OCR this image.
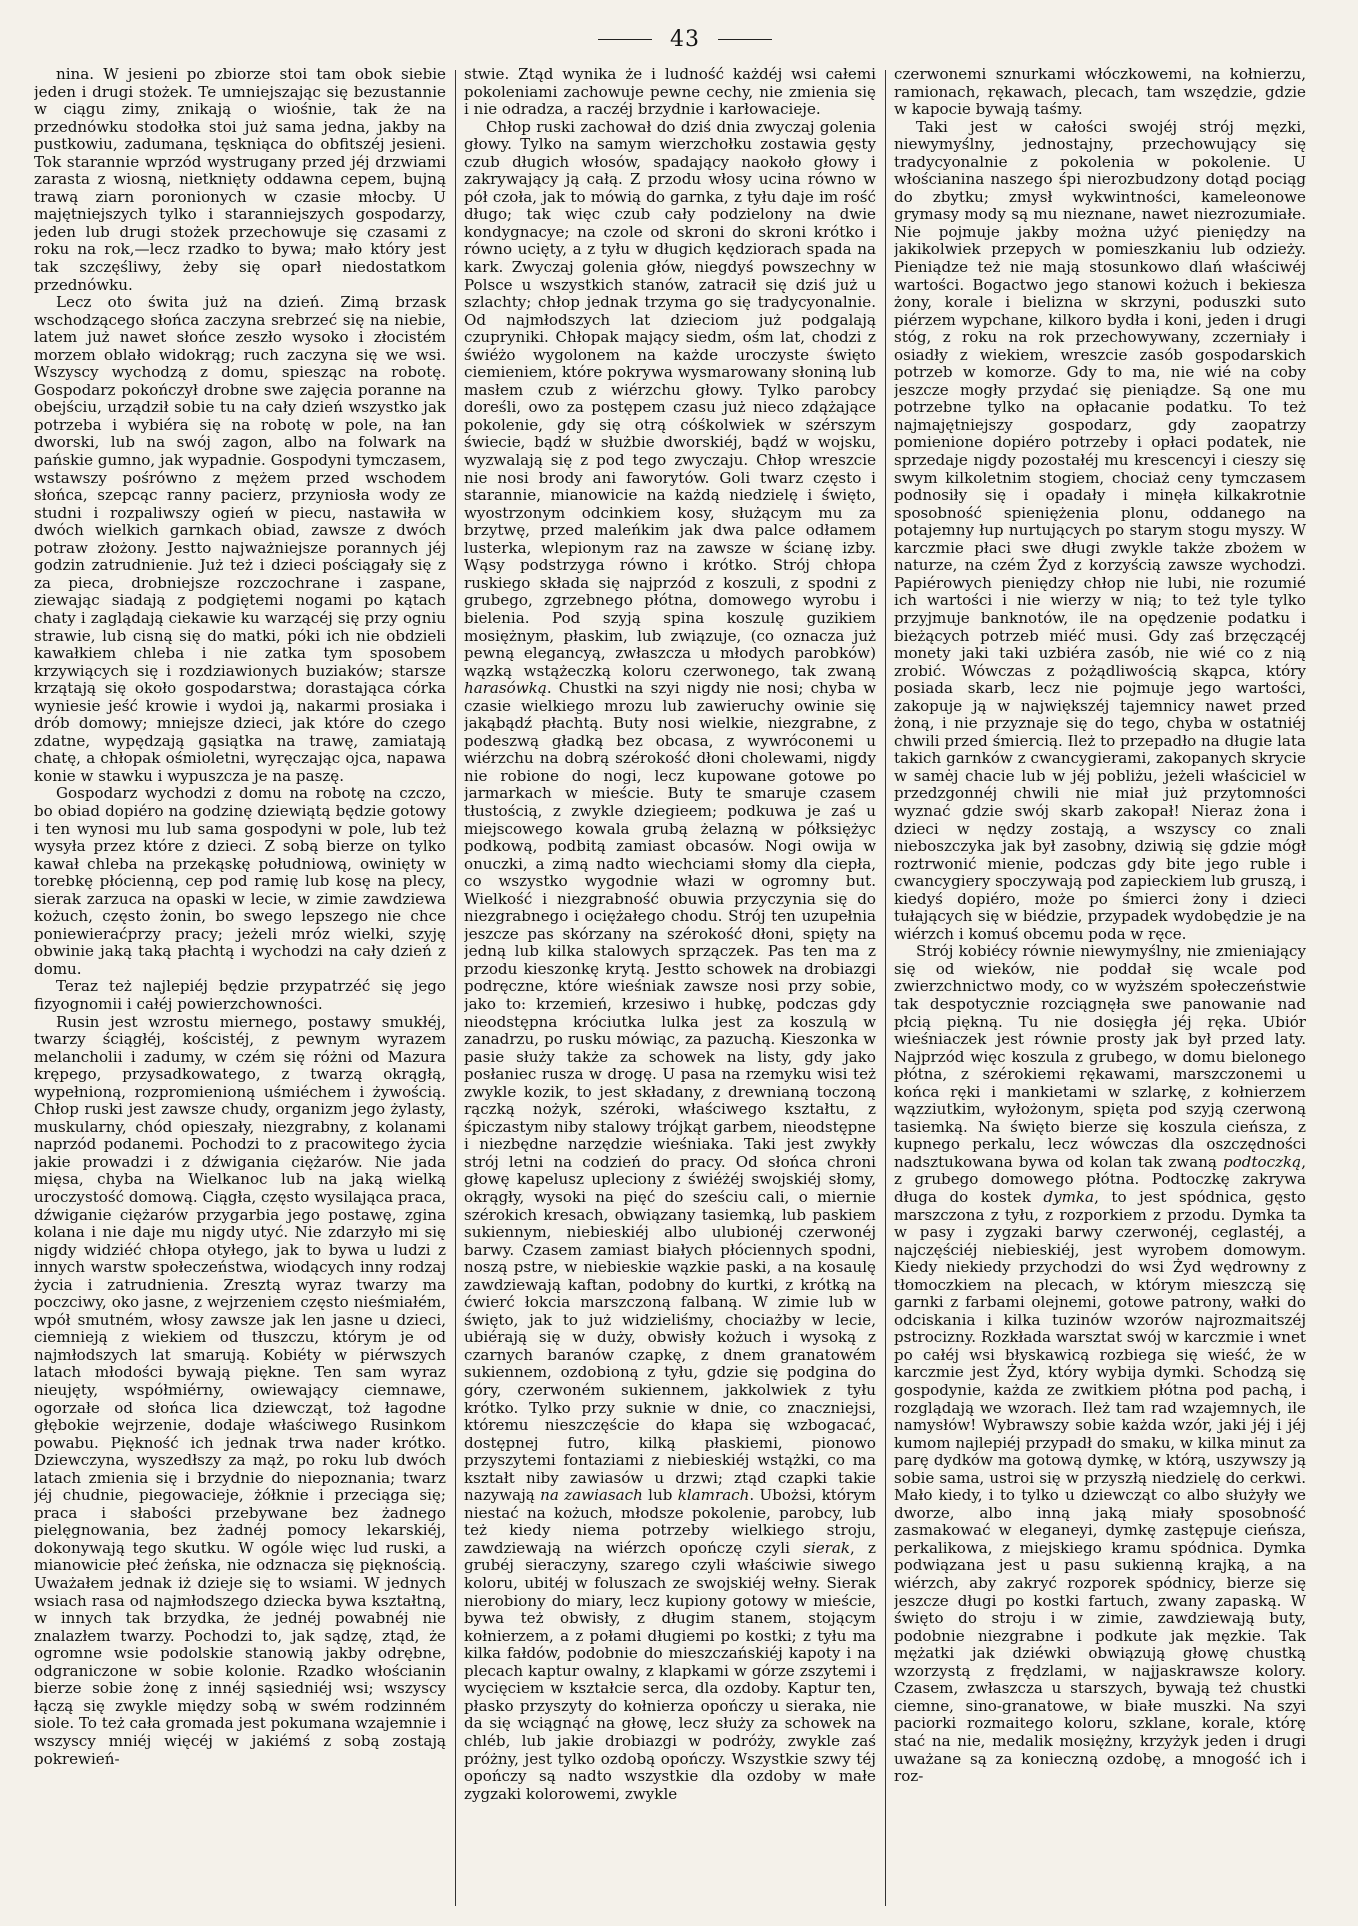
43

nina. W jesieni po zbiorze stoi tam obok siebie jeden i drugi stożek. Te umniejszając się bezustannie w ciągu zimy, znikają o wiośnie, tak że na przednówku stodołka stoi już sama jedna, jakby na pustkowiu, zadumana, tęskniąca do obfitszéj jesieni. Tok starannie wprzód wystrugany przed jéj drzwiami zarasta z wiosną, nietknięty oddawna cepem, bujną trawą ziarn poronionych w czasie młocby. U majętniejszych tylko i staranniejszych gospodarzy, jeden lub drugi stożek przechowuje się czasami z roku na rok,—lecz rzadko to bywa; mało który jest tak szczęśliwy, żeby się oparł niedostatkom przednówku.

Lecz oto świta już na dzień. Zimą brzask wschodzącego słońca zaczyna srebrzeć się na niebie, latem już nawet słońce zeszło wysoko i złocistém morzem oblało widokrąg; ruch zaczyna się we wsi. Wszyscy wychodzą z domu, spiesząc na robotę. Gospodarz pokończył drobne swe zajęcia poranne na obejściu, urządził sobie tu na cały dzień wszystko jak potrzeba i wybiéra się na robotę w pole, na łan dworski, lub na swój zagon, albo na folwark na pańskie gumno, jak wypadnie. Gospodyni tymczasem, wstawszy pośrówno z mężem przed wschodem słońca, szepcąc ranny pacierz, przyniosła wody ze studni i rozpaliwszy ogień w piecu, nastawiła w dwóch wielkich garnkach obiad, zawsze z dwóch potraw złożony. Jestto najważniejsze porannych jéj godzin zatrudnienie. Już też i dzieci pościągały się z za pieca, drobniejsze rozczochrane i zaspane, ziewając siadają z podgiętemi nogami po kątach chaty i zaglądają ciekawie ku warzącéj się przy ogniu strawie, lub cisną się do matki, póki ich nie obdzieli kawałkiem chleba i nie zatka tym sposobem krzywiących się i rozdziawionych buziaków; starsze krzątają się około gospodarstwa; dorastająca córka wyniesie jeść krowie i wydoi ją, nakarmi prosiaka i drób domowy; mniejsze dzieci, jak które do czego zdatne, wypędzają gąsiątka na trawę, zamiatają chatę, a chłopak ośmioletni, wyręczając ojca, napawa konie w stawku i wypuszcza je na paszę.

Gospodarz wychodzi z domu na robotę na czczo, bo obiad dopiéro na godzinę dziewiątą będzie gotowy i ten wynosi mu lub sama gospodyni w pole, lub też wysyła przez które z dzieci. Z sobą bierze on tylko kawał chleba na przekąskę południową, owinięty w torebkę płócienną, cep pod ramię lub kosę na plecy, sierak zarzuca na opaski w lecie, w zimie zawdziewa kożuch, często żonin, bo swego lepszego nie chce poniewieraćprzy pracy; jeżeli mróz wielki, szyję obwinie jaką taką płachtą i wychodzi na cały dzień z domu.

Teraz też najlepiéj będzie przypatrzéć się jego fizyognomii i całéj powierzchowności.

Rusin jest wzrostu miernego, postawy smukłéj, twarzy ściągłéj, kościstéj, z pewnym wyrazem melancholii i zadumy, w czém się różni od Mazura krępego, przysadkowatego, z twarzą okrągłą, wypełnioną, rozpromienioną uśmiéchem i żywością. Chłop ruski jest zawsze chudy, organizm jego żylasty, muskularny, chód opieszały, niezgrabny, z kolanami naprzód podanemi. Pochodzi to z pracowitego życia jakie prowadzi i z dźwigania ciężarów. Nie jada mięsa, chyba na Wielkanoc lub na jaką wielką uroczystość domową. Ciągła, często wysilająca praca, dźwiganie ciężarów przygarbia jego postawę, zgina kolana i nie daje mu nigdy utyć. Nie zdarzyło mi się nigdy widziéć chłopa otyłego, jak to bywa u ludzi z innych warstw społeczeństwa, wiodących inny rodzaj życia i zatrudnienia. Zresztą wyraz twarzy ma poczciwy, oko jasne, z wejrzeniem często nieśmiałém, wpół smutném, włosy zawsze jak len jasne u dzieci, ciemnieją z wiekiem od tłuszczu, którym je od najmłodszych lat smarują. Kobiéty w piérwszych latach młodości bywają piękne. Ten sam wyraz nieujęty, współmiérny, owiewający ciemnawe, ogorzałe od słońca lica dziewcząt, toż łagodne głębokie wejrzenie, dodaje właściwego Rusinkom powabu. Piękność ich jednak trwa nader krótko. Dziewczyna, wyszedłszy za mąż, po roku lub dwóch latach zmienia się i brzydnie do niepoznania; twarz jéj chudnie, piegowacieje, żółknie i przeciąga się; praca i słabości przebywane bez żadnego pielęgnowania, bez żadnéj pomocy lekarskiéj, dokonywają tego skutku. W ogóle więc lud ruski, a mianowicie płeć żeńska, nie odznacza się pięknością. Uważałem jednak iż dzieje się to wsiami. W jednych wsiach rasa od najmłodszego dziecka bywa kształtną, w innych tak brzydka, że jednéj powabnéj nie znalazłem twarzy. Pochodzi to, jak sądzę, ztąd, że ogromne wsie podolskie stanowią jakby odrębne, odgraniczone w sobie kolonie. Rzadko włościanin bierze sobie żonę z innéj sąsiedniéj wsi; wszyscy łączą się zwykle między sobą w swém rodzinném siole. To też cała gromada jest pokumana wzajemnie i wszyscy mniéj więcéj w jakiémś z sobą zostają pokrewień-

stwie. Ztąd wynika że i ludność każdéj wsi całemi pokoleniami zachowuje pewne cechy, nie zmienia się i nie odradza, a raczéj brzydnie i karłowacieje.

Chłop ruski zachował do dziś dnia zwyczaj golenia głowy. Tylko na samym wierzchołku zostawia gęsty czub długich włosów, spadający naokoło głowy i zakrywający ją całą. Z przodu włosy ucina równo w pół czoła, jak to mówią do garnka, z tyłu daje im rość długo; tak więc czub cały podzielony na dwie kondygnacye; na czole od skroni do skroni krótko i równo ucięty, a z tyłu w długich kędziorach spada na kark. Zwyczaj golenia głów, niegdyś powszechny w Polsce u wszystkich stanów, zatracił się dziś już u szlachty; chłop jednak trzyma go się tradycyonalnie. Od najmłodszych lat dzieciom już podgalają czupryniki. Chłopak mający siedm, ośm lat, chodzi z świéżo wygolonem na każde uroczyste święto ciemieniem, które pokrywa wysmarowany słoniną lub masłem czub z wiérzchu głowy. Tylko parobcy doreśli, owo za postępem czasu już nieco zdążające pokolenie, gdy się otrą cóśkolwiek w szérszym świecie, bądź w służbie dworskiéj, bądź w wojsku, wyzwalają się z pod tego zwyczaju. Chłop wreszcie nie nosi brody ani faworytów. Goli twarz często i starannie, mianowicie na każdą niedzielę i święto, wyostrzonym odcinkiem kosy, służącym mu za brzytwę, przed maleńkim jak dwa palce odłamem lusterka, wlepionym raz na zawsze w ścianę izby. Wąsy podstrzyga równo i krótko. Strój chłopa ruskiego składa się najprzód z koszuli, z spodni z grubego, zgrzebnego płótna, domowego wyrobu i bielenia. Pod szyją spina koszulę guzikiem mosiężnym, płaskim, lub związuje, (co oznacza już pewną elegancyą, zwłaszcza u młodych parobków) wązką wstążeczką koloru czerwonego, tak zwaną harasówką. Chustki na szyi nigdy nie nosi; chyba w czasie wielkiego mrozu lub zawieruchy owinie się jakąbądź płachtą. Buty nosi wielkie, niezgrabne, z podeszwą gładką bez obcasa, z wywróconemi u wiérzchu na dobrą szérokość dłoni cholewami, nigdy nie robione do nogi, lecz kupowane gotowe po jarmarkach w mieście. Buty te smaruje czasem tłustością, z zwykle dziegieem; podkuwa je zaś u miejscowego kowala grubą żelazną w półksiężyc podkową, podbitą zamiast obcasów. Nogi owija w onuczki, a zimą nadto wiechciami słomy dla ciepła, co wszystko wygodnie włazi w ogromny but. Wielkość i niezgrabność obuwia przyczynia się do niezgrabnego i ociężałego chodu. Strój ten uzupełnia jeszcze pas skórzany na szérokość dłoni, spięty na jedną lub kilka stalowych sprzączek. Pas ten ma z przodu kieszonkę krytą. Jestto schowek na drobiazgi podręczne, które wieśniak zawsze nosi przy sobie, jako to: krzemień, krzesiwo i hubkę, podczas gdy nieodstępna króciutka lulka jest za koszulą w zanadrzu, po rusku mówiąc, za pazuchą. Kieszonka w pasie służy także za schowek na listy, gdy jako posłaniec rusza w drogę. U pasa na rzemyku wisi też zwykle kozik, to jest składany, z drewnianą toczoną rączką nożyk, széroki, właściwego kształtu, z śpiczastym niby stalowy trójkąt garbem, nieodstępne i niezbędne narzędzie wieśniaka. Taki jest zwykły strój letni na codzień do pracy. Od słońca chroni głowę kapelusz upleciony z świéżéj swojskiéj słomy, okrągły, wysoki na pięć do sześciu cali, o miernie szérokich kresach, obwiązany tasiemką, lub paskiem sukiennym, niebieskiéj albo ulubionéj czerwonéj barwy. Czasem zamiast białych płóciennych spodni, noszą pstre, w niebieskie wązkie paski, a na kosaulę zawdziewają kaftan, podobny do kurtki, z krótką na ćwierć łokcia marszczoną falbaną. W zimie lub w święto, jak to już widzieliśmy, chociażby w lecie, ubiérają się w duży, obwisły kożuch i wysoką z czarnych baranów czapkę, z dnem granatowém sukiennem, ozdobioną z tyłu, gdzie się podgina do góry, czerwoném sukiennem, jakkolwiek z tyłu krótko. Tylko przy suknie w dnie, co znaczniejsi, któremu nieszczęście do kłapa się wzbogacać, dostępnej futro, kilką płaskiemi, pionowo przyszytemi fontaziami z niebieskiéj wstążki, co ma kształt niby zawiasów u drzwi; ztąd czapki takie nazywają na zawiasach lub klamrach. Ubożsi, którym niestać na kożuch, młodsze pokolenie, parobcy, lub też kiedy niema potrzeby wielkiego stroju, zawdziewają na wiérzch opończę czyli sierak, z grubéj sieraczyny, szarego czyli właściwie siwego koloru, ubitéj w foluszach ze swojskiéj wełny. Sierak nierobiony do miary, lecz kupiony gotowy w mieście, bywa też obwisły, z długim stanem, stojącym kołnierzem, a z połami długiemi po kostki; z tyłu ma kilka fałdów, podobnie do mieszczańskiéj kapoty i na plecach kaptur owalny, z klapkami w górze zszytemi i wycięciem w kształcie serca, dla ozdoby. Kaptur ten, płasko przyszyty do kołnierza opończy u sieraka, nie da się wciągnąć na głowę, lecz służy za schowek na chléb, lub jakie drobiazgi w podróży, zwykle zaś próżny, jest tylko ozdobą opończy. Wszystkie szwy téj opończy są nadto wszystkie dla ozdoby w małe zygzaki kolorowemi, zwykle

czerwonemi sznurkami włóczkowemi, na kołnierzu, ramionach, rękawach, plecach, tam wszędzie, gdzie w kapocie bywają taśmy.

Taki jest w całości swojéj strój męzki, niewymyślny, jednostajny, przechowujący się tradycyonalnie z pokolenia w pokolenie. U włościanina naszego śpi nierozbudzony dotąd pociąg do zbytku; zmysł wykwintności, kameleonowe grymasy mody są mu nieznane, nawet niezrozumiałe. Nie pojmuje jakby można użyć pieniędzy na jakikolwiek przepych w pomieszkaniu lub odzieży. Pieniądze też nie mają stosunkowo dlań właściwéj wartości. Bogactwo jego stanowi kożuch i bekiesza żony, korale i bielizna w skrzyni, poduszki suto piérzem wypchane, kilkoro bydła i koni, jeden i drugi stóg, z roku na rok przechowywany, zczerniały i osiadły z wiekiem, wreszcie zasób gospodarskich potrzeb w komorze. Gdy to ma, nie wié na coby jeszcze mogły przydać się pieniądze. Są one mu potrzebne tylko na opłacanie podatku. To też najmajętniejszy gospodarz, gdy zaopatrzy pomienione dopiéro potrzeby i opłaci podatek, nie sprzedaje nigdy pozostałéj mu krescencyi i cieszy się swym kilkoletnim stogiem, chociaż ceny tymczasem podnosiły się i opadały i minęła kilkakrotnie sposobność spieniężenia plonu, oddanego na potajemny łup nurtujących po starym stogu myszy. W karczmie płaci swe długi zwykle także zbożem w naturze, na czém Żyd z korzyścią zawsze wychodzi. Papiérowych pieniędzy chłop nie lubi, nie rozumié ich wartości i nie wierzy w nią; to też tyle tylko przyjmuje banknotów, ile na opędzenie podatku i bieżących potrzeb miéć musi. Gdy zaś brzęczącéj monety jaki taki uzbiéra zasób, nie wié co z nią zrobić. Wówczas z pożądliwością skąpca, który posiada skarb, lecz nie pojmuje jego wartości, zakopuje ją w największéj tajemnicy nawet przed żoną, i nie przyznaje się do tego, chyba w ostatniéj chwili przed śmiercią. Ileż to przepadło na długie lata takich garnków z cwancygierami, zakopanych skrycie w samėj chacie lub w jéj pobliżu, jeżeli właściciel w przedzgonnéj chwili nie miał już przytomności wyznać gdzie swój skarb zakopał! Nieraz żona i dzieci w nędzy zostają, a wszyscy co znali nieboszczyka jak był zasobny, dziwią się gdzie mógł roztrwonić mienie, podczas gdy bite jego ruble i cwancygiery spoczywają pod zapieckiem lub gruszą, i kiedyś dopiéro, może po śmierci żony i dzieci tułających się w biédzie, przypadek wydobędzie je na wiérzch i komuś obcemu poda w ręce.

Strój kobiécy równie niewymyślny, nie zmieniający się od wieków, nie poddał się wcale pod zwierzchnictwo mody, co w wyższém społeczeństwie tak despotycznie rozciągnęła swe panowanie nad płcią piękną. Tu nie dosięgła jéj ręka. Ubiór wieśniaczek jest równie prosty jak był przed laty. Najprzód więc koszula z grubego, w domu bielonego płótna, z szérokiemi rękawami, marszczonemi u końca ręki i mankietami w szlarkę, z kołnierzem wązziutkim, wyłożonym, spięta pod szyją czerwoną tasiemką. Na święto bierze się koszula cieńsza, z kupnego perkalu, lecz wówczas dla oszczędności nadsztukowana bywa od kolan tak zwaną podtoczką, z grubego domowego płótna. Podtoczkę zakrywa długa do kostek dymka, to jest spódnica, gęsto marszczona z tyłu, z rozporkiem z przodu. Dymka ta w pasy i zygzaki barwy czerwonéj, ceglastéj, a najczęściéj niebieskiéj, jest wyrobem domowym. Kiedy niekiedy przychodzi do wsi Żyd wędrowny z tłomoczkiem na plecach, w którym mieszczą się garnki z farbami olejnemi, gotowe patrony, wałki do odciskania i kilka tuzinów wzorów najrozmaitszéj pstrocizny. Rozkłada warsztat swój w karczmie i wnet po całéj wsi błyskawicą rozbiega się wieść, że w karczmie jest Żyd, który wybija dymki. Schodzą się gospodynie, każda ze zwitkiem płótna pod pachą, i rozglądają we wzorach. Ileż tam rad wzajemnych, ile namysłów! Wybrawszy sobie każda wzór, jaki jéj i jéj kumom najlepiéj przypadł do smaku, w kilka minut za parę dydków ma gotową dymkę, w którą, uszywszy ją sobie sama, ustroi się w przyszłą niedzielę do cerkwi. Mało kiedy, i to tylko u dziewcząt co albo służyły we dworze, albo inną jaką miały sposobność zasmakować w eleganeyi, dymkę zastępuje cieńsza, perkalikowa, z miejskiego kramu spódnica. Dymka podwiązana jest u pasu sukienną krajką, a na wiérzch, aby zakryć rozporek spódnicy, bierze się jeszcze długi po kostki fartuch, zwany zapaską. W święto do stroju i w zimie, zawdziewają buty, podobnie niezgrabne i podkute jak męzkie. Tak mężatki jak dziéwki obwiązują głowę chustką wzorzystą z frędzlami, w najjaskrawsze kolory. Czasem, zwłaszcza u starszych, bywają też chustki ciemne, sino-granatowe, w białe muszki. Na szyi paciorki rozmaitego koloru, szklane, korale, którę stać na nie, medalik mosiężny, krzyżyk jeden i drugi uważane są za konieczną ozdobę, a mnogość ich i roz-
